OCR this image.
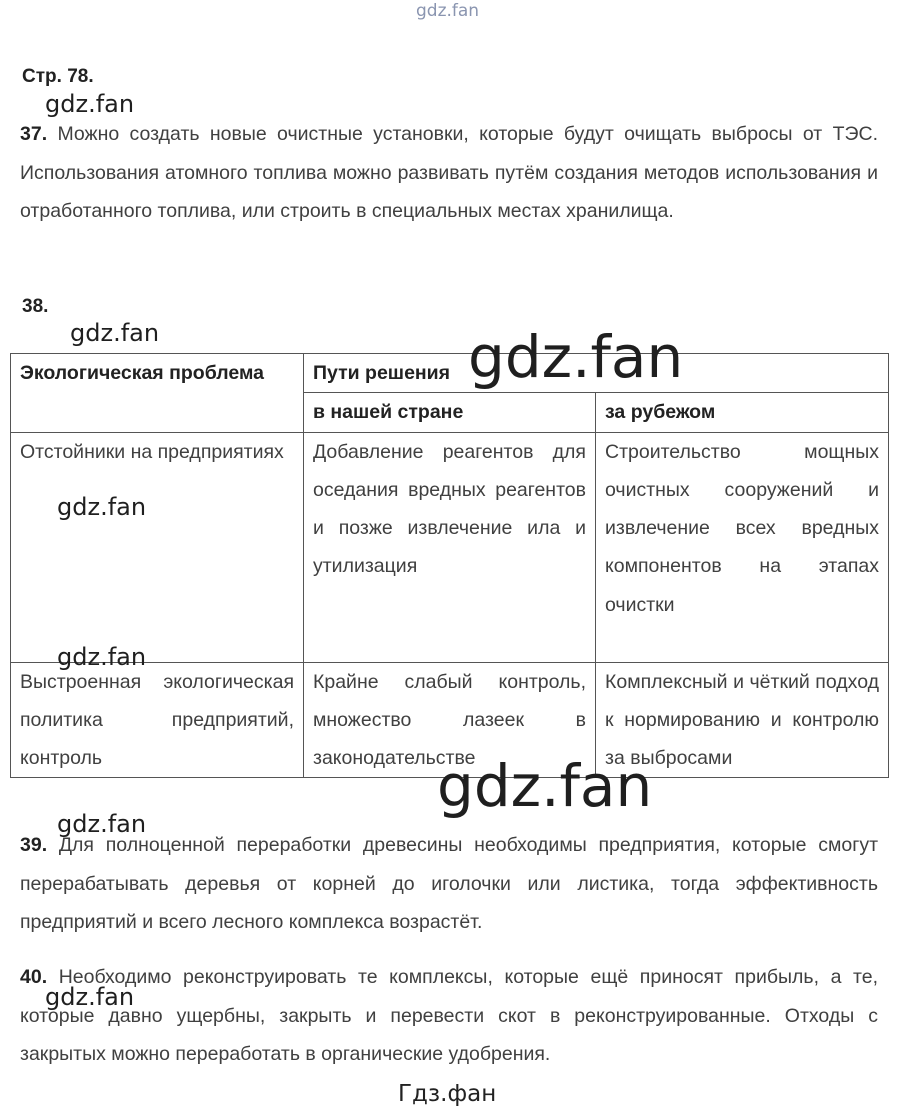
gdz.fan
Стр. 78.

37. Можно создать новые очистные установки, которые будут очищать выбросы от ТЭС. Использования атомного топлива можно развивать путём создания методов использования и отработанного топлива, или строить в специальных местах хранилища.

38.
Экологическая проблема	Пути решения	
	в нашей стране	за рубежом
Отстойники на предприятиях	Добавление реагентов для оседания вредных реагентов и позже извлечение ила и утилизация	Строительство мощных очистных сооружений и извлечение всех вредных компонентов на этапах очистки
Выстроенная экологическая политика предприятий, контроль	Крайне слабый контроль, множество лазеек в законодательстве	Комплексный и чёткий подход к нормированию и контролю за выбросами

39. Для полноценной переработки древесины необходимы предприятия, которые смогут перерабатывать деревья от корней до иголочки или листика, тогда эффективность предприятий и всего лесного комплекса возрастёт.

40. Необходимо реконструировать те комплексы, которые ещё приносят прибыль, а те, которые давно ущербны, закрыть и перевести скот в реконструированные. Отходы с закрытых можно переработать в органические удобрения.

gdz.fan
gdz.fan	gdz.fan
gdz.fan
gdz.fan
gdz.fan
gdz.fan
gdz.fan
Гдз.фан
